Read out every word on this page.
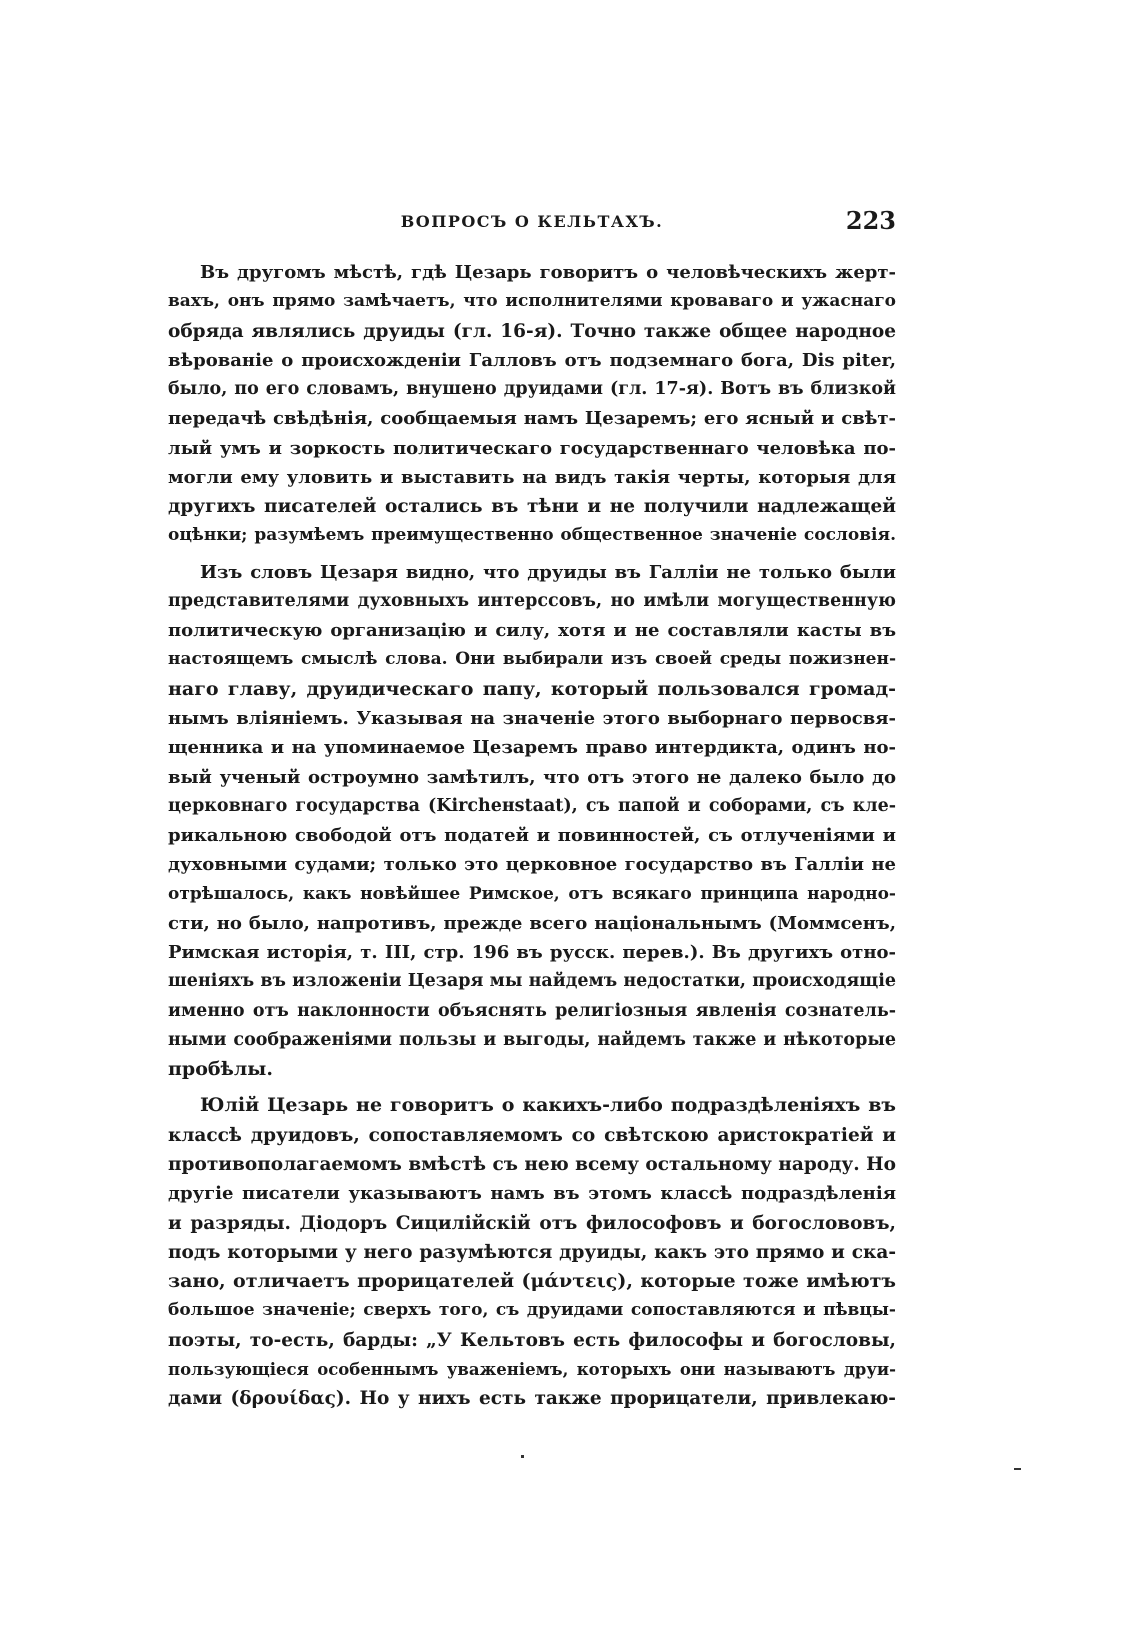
ВОПРОСЪ О КЕЛЬТАХЪ.	223
Въ другомъ мѣстѣ, гдѣ Цезарь говоритъ о человѣческихъ жерт-
вахъ, онъ прямо замѣчаетъ, что исполнителями кроваваго и ужаснаго
обряда являлись друиды (гл. 16-я). Точно также общее народное
вѣрованіе о происхожденіи Галловъ отъ подземнаго бога, Dis piter,
было, по его словамъ, внушено друидами (гл. 17-я). Вотъ въ близкой
передачѣ свѣдѣнія, сообщаемыя намъ Цезаремъ; его ясный и свѣт-
лый умъ и зоркость политическаго государственнаго человѣка по-
могли ему уловить и выставить на видъ такія черты, которыя для
другихъ писателей остались въ тѣни и не получили надлежащей
оцѣнки; разумѣемъ преимущественно общественное значеніе сословія.
Изъ словъ Цезаря видно, что друиды въ Галліи не только были
представителями духовныхъ интерссовъ, но имѣли могущественную
политическую организацію и силу, хотя и не составляли касты въ
настоящемъ смыслѣ слова. Они выбирали изъ своей среды пожизнен-
наго главу, друидическаго папу, который пользовался громад-
нымъ вліяніемъ. Указывая на значеніе этого выборнаго первосвя-
щенника и на упоминаемое Цезаремъ право интердикта, одинъ но-
вый ученый остроумно замѣтилъ, что отъ этого не далеко было до
церковнаго государства (Kircheнstaat), съ папой и соборами, съ кле-
рикальною свободой отъ податей и повинностей, съ отлученіями и
духовными судами; только это церковное государство въ Галліи не
отрѣшалось, какъ новѣйшее Римское, отъ всякаго принципа народно-
сти, но было, напротивъ, прежде всего національнымъ (Моммсенъ,
Римская исторія, т. III, стр. 196 въ русск. перев.). Въ другихъ отно-
шеніяхъ въ изложеніи Цезаря мы найдемъ недостатки, происходящіе
именно отъ наклонности объяснять религіозныя явленія сознатель-
ными соображеніями пользы и выгоды, найдемъ также и нѣкоторые
пробѣлы.
Юлій Цезарь не говоритъ о какихъ-либо подраздѣленіяхъ въ
классѣ друидовъ, сопоставляемомъ со свѣтскою аристократіей и
противополагаемомъ вмѣстѣ съ нею всему остальному народу. Но
другіе писатели указываютъ намъ въ этомъ классѣ подраздѣленія
и разряды. Діодоръ Сицилійскій отъ философовъ и богослововъ,
подъ которыми у него разумѣются друиды, какъ это прямо и ска-
зано, отличаетъ прорицателей (μάντεις), которые тоже имѣютъ
большое значеніе; сверхъ того, съ друидами сопоставляются и пѣвцы-
поэты, то-есть, барды: „У Кельтовъ есть философы и богословы,
пользующіеся особеннымъ уваженіемъ, которыхъ они называютъ друи-
дами (δρουίδας). Но у нихъ есть также прорицатели, привлекаю-
